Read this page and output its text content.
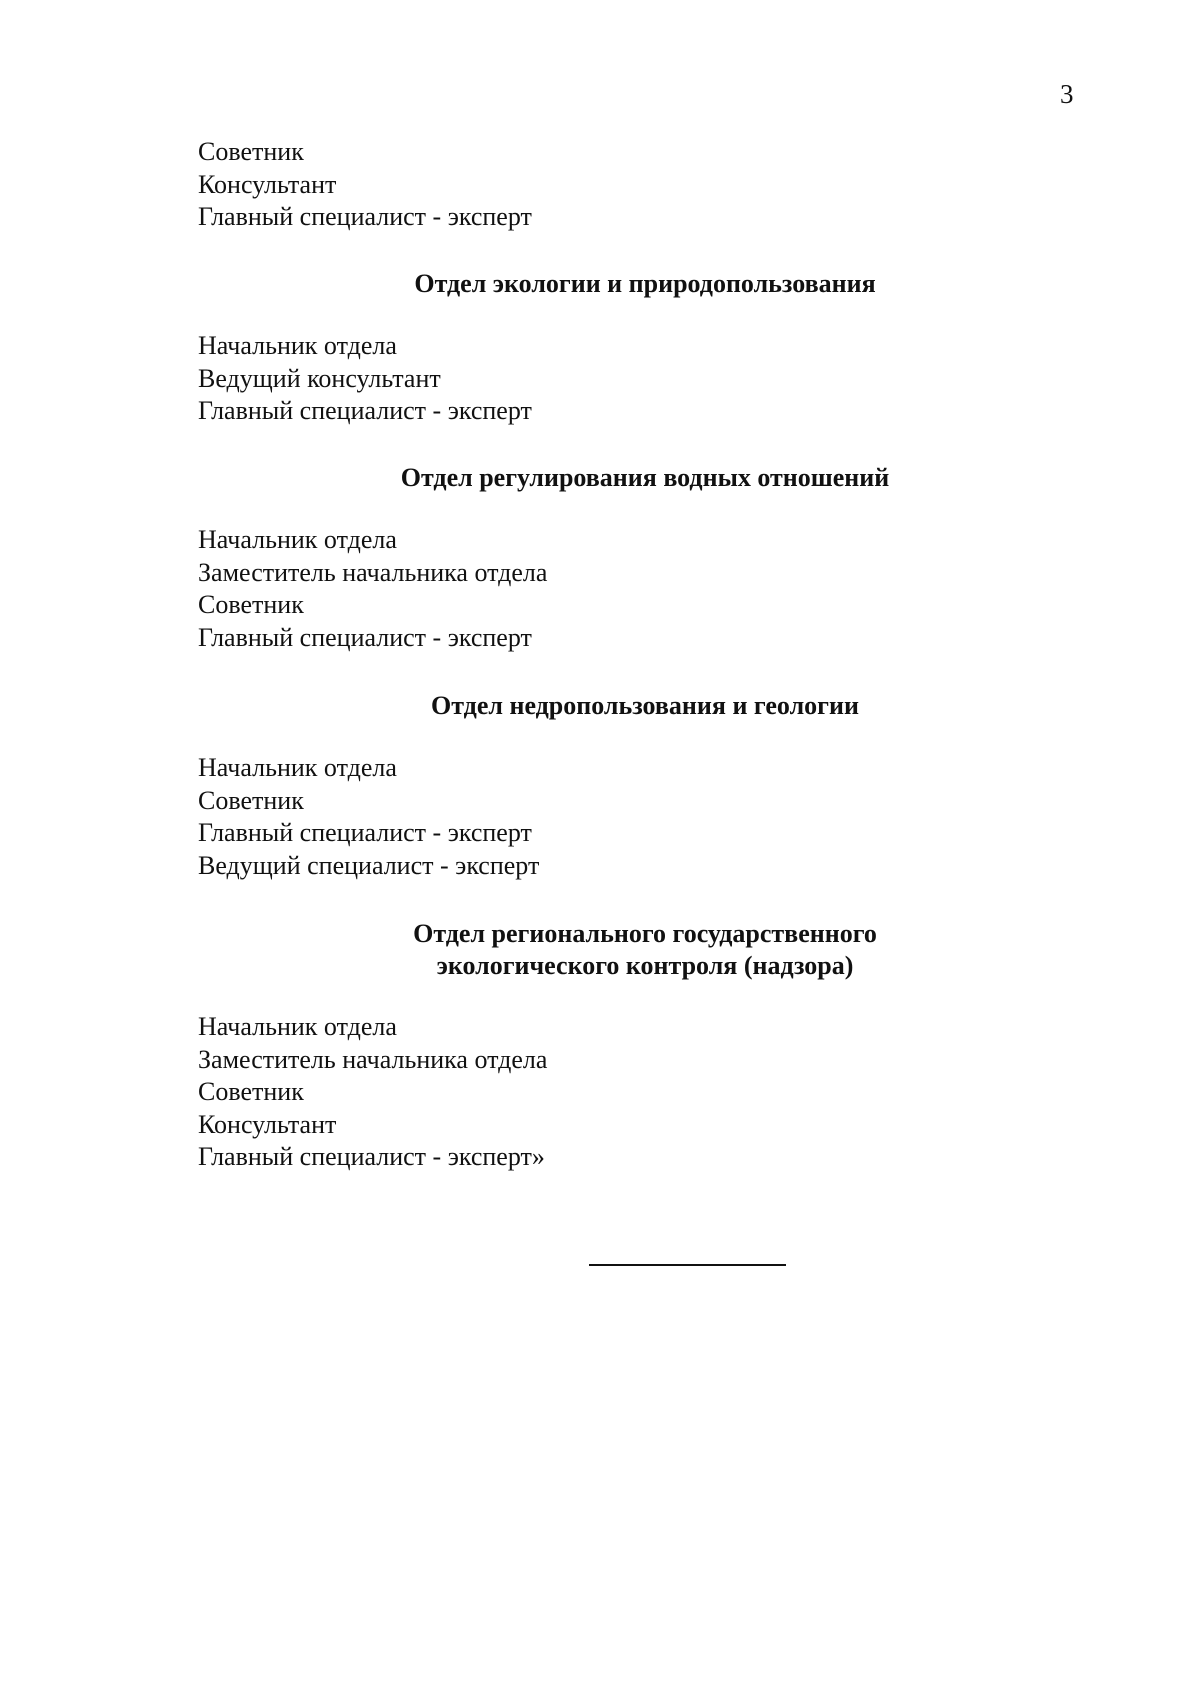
3
Советник
Консультант
Главный специалист - эксперт
Отдел экологии и природопользования
Начальник отдела
Ведущий консультант
Главный специалист - эксперт
Отдел регулирования водных отношений
Начальник отдела
Заместитель начальника отдела
Советник
Главный специалист - эксперт
Отдел недропользования и геологии
Начальник отдела
Советник
Главный специалист - эксперт
Ведущий специалист - эксперт
Отдел регионального государственного
экологического контроля (надзора)
Начальник отдела
Заместитель начальника отдела
Советник
Консультант
Главный специалист - эксперт»
